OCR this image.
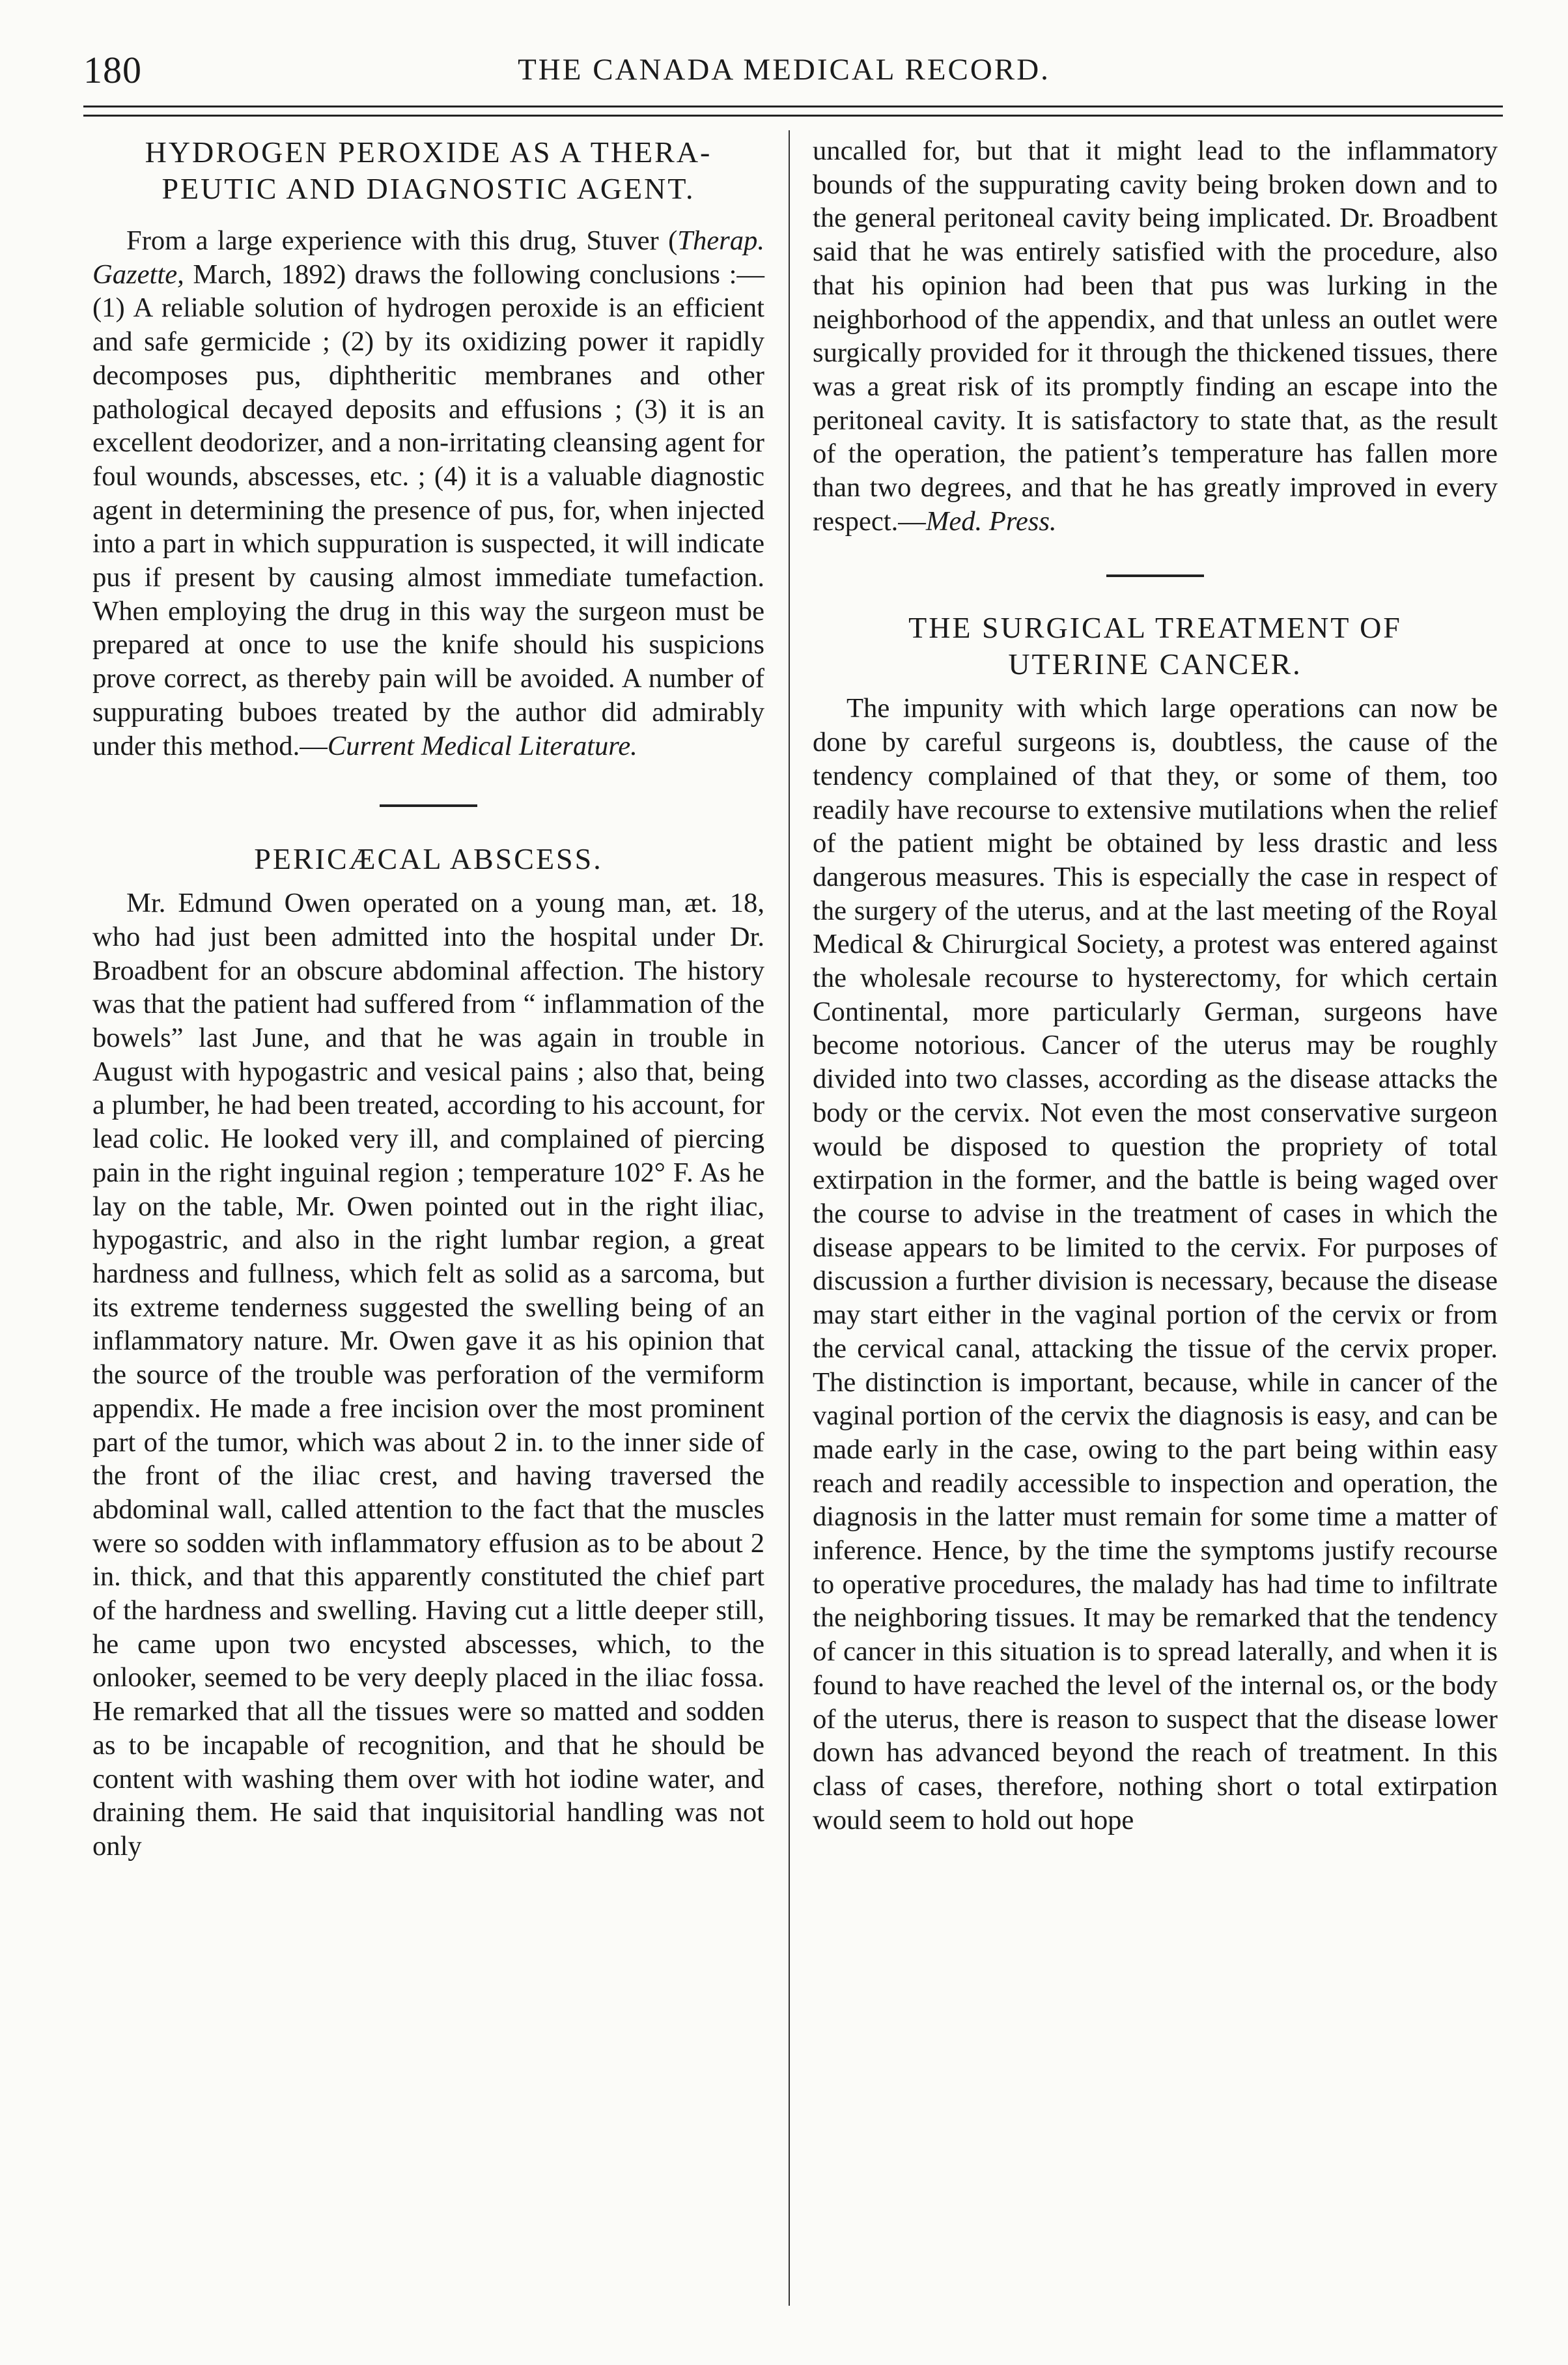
180	THE CANADA MEDICAL RECORD.
HYDROGEN PEROXIDE AS A THERA-
PEUTIC AND DIAGNOSTIC AGENT.

From a large experience with this drug, Stuver (Therap. Gazette, March, 1892) draws the following conclusions :—(1) A reliable solution of hydrogen peroxide is an efficient and safe germicide ; (2) by its oxidizing power it rapidly decomposes pus, diphtheritic membranes and other pathological decayed deposits and effusions ; (3) it is an excellent deodorizer, and a non-irritating cleansing agent for foul wounds, abscesses, etc. ; (4) it is a valuable diagnostic agent in determining the presence of pus, for, when injected into a part in which suppuration is suspected, it will indicate pus if present by causing almost immediate tumefaction. When employing the drug in this way the surgeon must be prepared at once to use the knife should his suspicions prove correct, as thereby pain will be avoided. A number of suppurating buboes treated by the author did admirably under this method.—Current Medical Literature.

PERICÆCAL ABSCESS.

Mr. Edmund Owen operated on a young man, æt. 18, who had just been admitted into the hospital under Dr. Broadbent for an obscure abdominal affection. The history was that the patient had suffered from “ inflammation of the bowels” last June, and that he was again in trouble in August with hypogastric and vesical pains ; also that, being a plumber, he had been treated, according to his account, for lead colic. He looked very ill, and complained of piercing pain in the right inguinal region ; temperature 102° F. As he lay on the table, Mr. Owen pointed out in the right iliac, hypogastric, and also in the right lumbar region, a great hardness and fullness, which felt as solid as a sarcoma, but its extreme tenderness suggested the swelling being of an inflammatory nature. Mr. Owen gave it as his opinion that the source of the trouble was perforation of the vermiform appendix. He made a free incision over the most prominent part of the tumor, which was about 2 in. to the inner side of the front of the iliac crest, and having traversed the abdominal wall, called attention to the fact that the muscles were so sodden with inflammatory effusion as to be about 2 in. thick, and that this apparently constituted the chief part of the hardness and swelling. Having cut a little deeper still, he came upon two encysted abscesses, which, to the onlooker, seemed to be very deeply placed in the iliac fossa. He remarked that all the tissues were so matted and sodden as to be incapable of recognition, and that he should be content with washing them over with hot iodine water, and draining them. He said that inquisitorial handling was not only

uncalled for, but that it might lead to the inflammatory bounds of the suppurating cavity being broken down and to the general peritoneal cavity being implicated. Dr. Broadbent said that he was entirely satisfied with the procedure, also that his opinion had been that pus was lurking in the neighborhood of the appendix, and that unless an outlet were surgically provided for it through the thickened tissues, there was a great risk of its promptly finding an escape into the peritoneal cavity. It is satisfactory to state that, as the result of the operation, the patient’s temperature has fallen more than two degrees, and that he has greatly improved in every respect.—Med. Press.

THE SURGICAL TREATMENT OF
UTERINE CANCER.

The impunity with which large operations can now be done by careful surgeons is, doubtless, the cause of the tendency complained of that they, or some of them, too readily have recourse to extensive mutilations when the relief of the patient might be obtained by less drastic and less dangerous measures. This is especially the case in respect of the surgery of the uterus, and at the last meeting of the Royal Medical & Chirurgical Society, a protest was entered against the wholesale recourse to hysterectomy, for which certain Continental, more particularly German, surgeons have become notorious. Cancer of the uterus may be roughly divided into two classes, according as the disease attacks the body or the cervix. Not even the most conservative surgeon would be disposed to question the propriety of total extirpation in the former, and the battle is being waged over the course to advise in the treatment of cases in which the disease appears to be limited to the cervix. For purposes of discussion a further division is necessary, because the disease may start either in the vaginal portion of the cervix or from the cervical canal, attacking the tissue of the cervix proper. The distinction is important, because, while in cancer of the vaginal portion of the cervix the diagnosis is easy, and can be made early in the case, owing to the part being within easy reach and readily accessible to inspection and operation, the diagnosis in the latter must remain for some time a matter of inference. Hence, by the time the symptoms justify recourse to operative procedures, the malady has had time to infiltrate the neighboring tissues. It may be remarked that the tendency of cancer in this situation is to spread laterally, and when it is found to have reached the level of the internal os, or the body of the uterus, there is reason to suspect that the disease lower down has advanced beyond the reach of treatment. In this class of cases, therefore, nothing short o total extirpation would seem to hold out hope
